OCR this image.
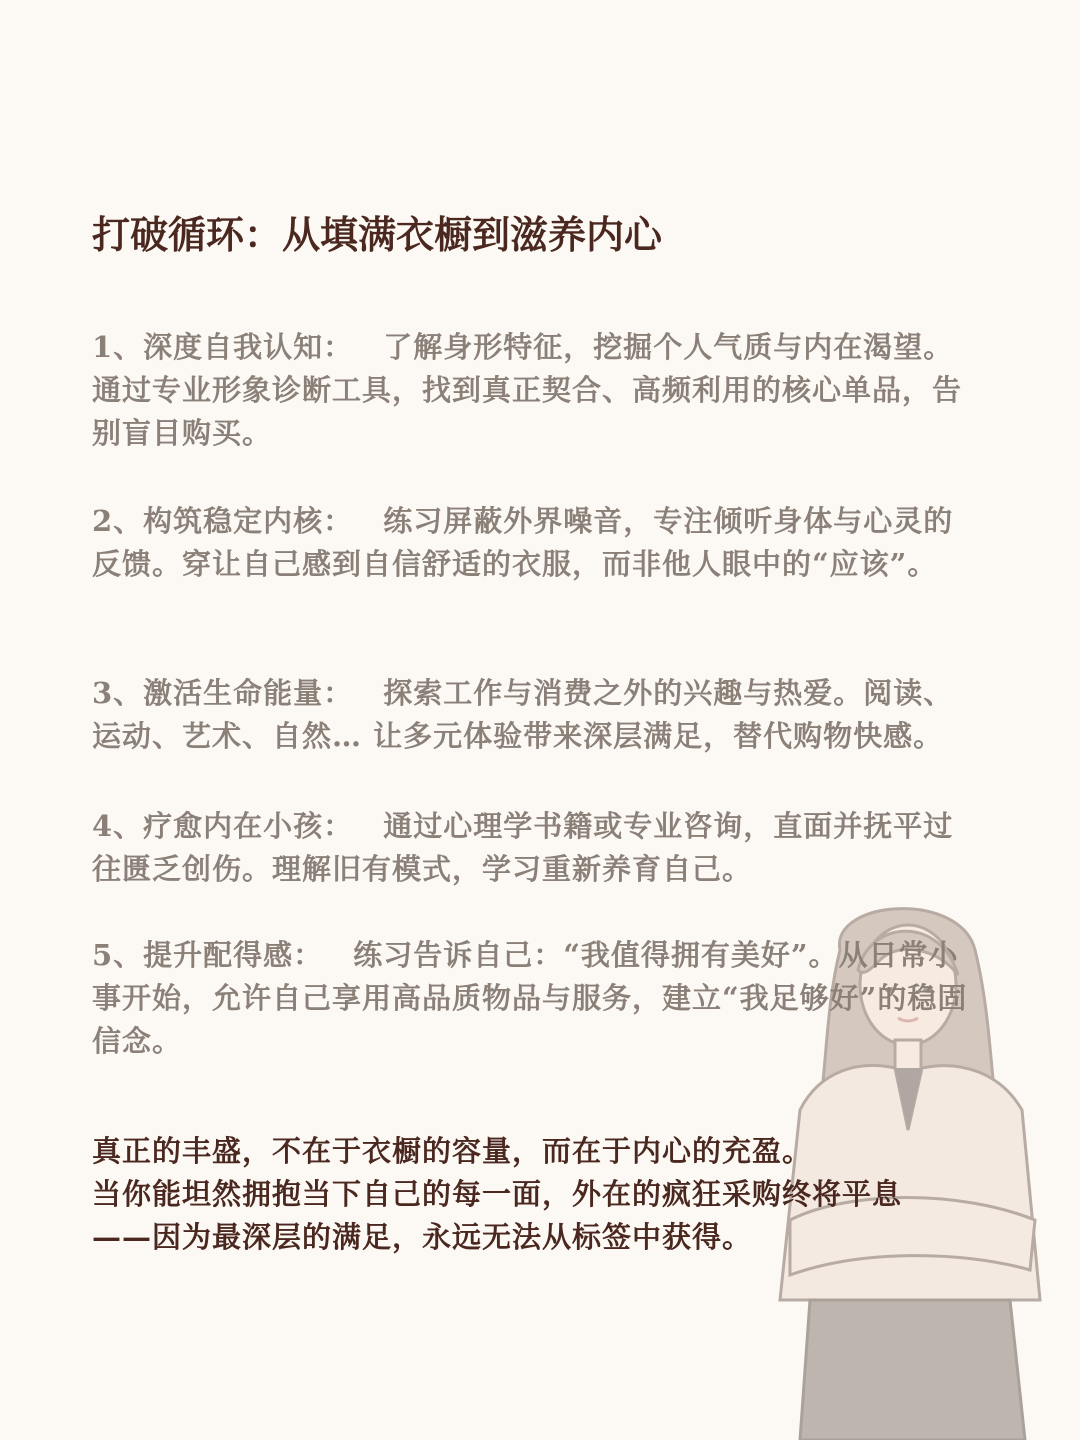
打破循环：从填满衣橱到滋养内心

1、深度自我认知： 了解身形特征，挖掘个人气质与内在渴望。通过专业形象诊断工具，找到真正契合、高频利用的核心单品，告别盲目购买。

2、构筑稳定内核： 练习屏蔽外界噪音，专注倾听身体与心灵的反馈。穿让自己感到自信舒适的衣服，而非他人眼中的“应该”。

3、激活生命能量： 探索工作与消费之外的兴趣与热爱。阅读、运动、艺术、自然… 让多元体验带来深层满足，替代购物快感。

4、疗愈内在小孩： 通过心理学书籍或专业咨询，直面并抚平过往匮乏创伤。理解旧有模式，学习重新养育自己。

5、提升配得感： 练习告诉自己：“我值得拥有美好”。从日常小事开始，允许自己享用高品质物品与服务，建立“我足够好”的稳固信念。

真正的丰盛，不在于衣橱的容量，而在于内心的充盈。
当你能坦然拥抱当下自己的每一面，外在的疯狂采购终将平息
——因为最深层的满足，永远无法从标签中获得。
